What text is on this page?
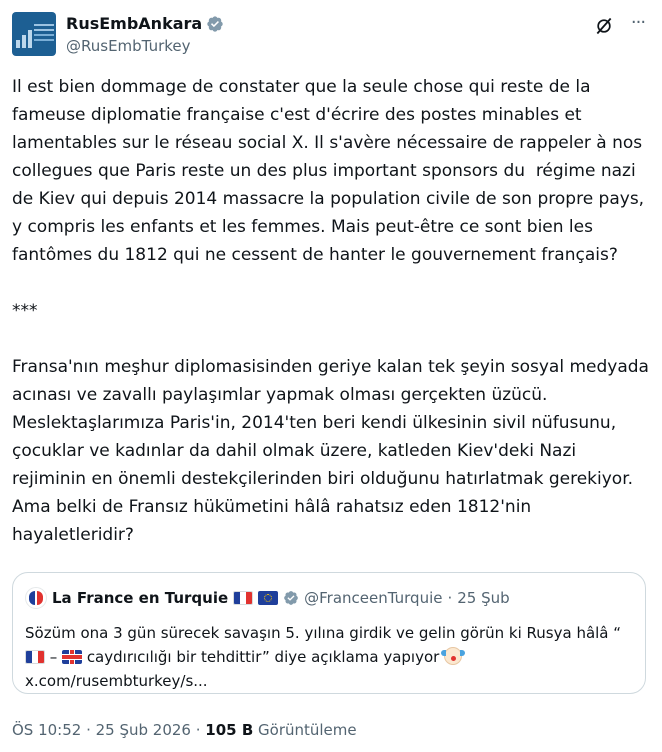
RusEmbAnkara
@RusEmbTurkey
···
Il est bien dommage de constater que la seule chose qui reste de la fameuse diplomatie française c'est d'écrire des postes minables et lamentables sur le réseau social X. Il s'avère nécessaire de rappeler à nos collegues que Paris reste un des plus important sponsors du  régime nazi de Kiev qui depuis 2014 massacre la population civile de son propre pays, y compris les enfants et les femmes. Mais peut-être ce sont bien les fantômes du 1812 qui ne cessent de hanter le gouvernement français?

***

Fransa'nın meşhur diplomasisinden geriye kalan tek şeyin sosyal medyada acınası ve zavallı paylaşımlar yapmak olması gerçekten üzücü. Meslektaşlarımıza Paris'in, 2014'ten beri kendi ülkesinin sivil nüfusunu, çocuklar ve kadınlar da dahil olmak üzere, katleden Kiev'deki Nazi rejiminin en önemli destekçilerinden biri olduğunu hatırlatmak gerekiyor. Ama belki de Fransız hükümetini hâlâ rahatsız eden 1812'nin hayaletleridir?
La France en Turquie	@FranceenTurquie · 25 Şub
Sözüm ona 3 gün sürecek savaşın 5. yılına girdik ve gelin görün ki Rusya hâlâ “
–  caydırıcılığı bir tehdittir” diye açıklama yapıyor
x.com/rusembturkey/s...
ÖS 10:52 · 25 Şub 2026 · 105 B Görüntüleme
